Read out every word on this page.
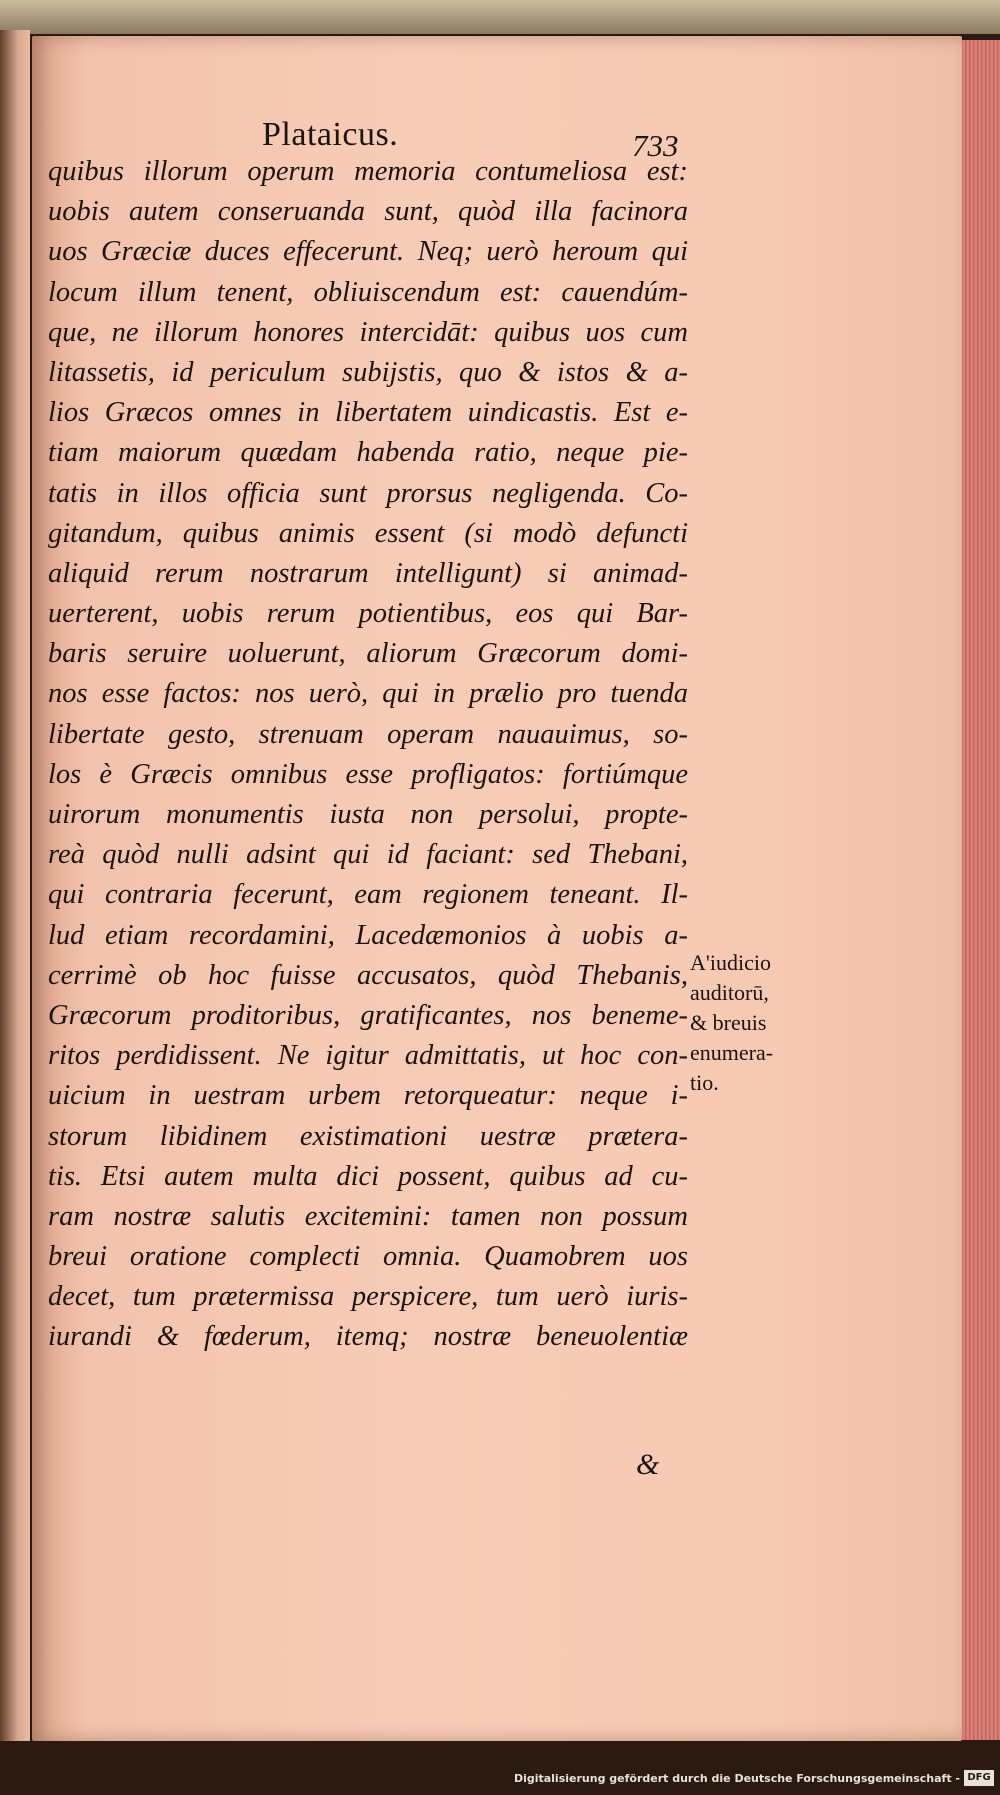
Plataicus.	733
quibus illorum operum memoria contumeliosa est:
uobis autem conseruanda sunt, quòd illa facinora
uos Græciæ duces effecerunt. Neq; uerò heroum qui
locum illum tenent, obliuiscendum est: cauendúm-
que, ne illorum honores intercidāt: quibus uos cum
litassetis, id periculum subijstis, quo & istos & a-
lios Græcos omnes in libertatem uindicastis. Est e-
tiam maiorum quædam habenda ratio, neque pie-
tatis in illos officia sunt prorsus negligenda. Co-
gitandum, quibus animis essent (si modò defuncti
aliquid rerum nostrarum intelligunt) si animad-
uerterent, uobis rerum potientibus, eos qui Bar-
baris seruire uoluerunt, aliorum Græcorum domi-
nos esse factos: nos uerò, qui in prælio pro tuenda
libertate gesto, strenuam operam nauauimus, so-
los è Græcis omnibus esse profligatos: fortiúmque
uirorum monumentis iusta non persolui, propte-
reà quòd nulli adsint qui id faciant: sed Thebani,
qui contraria fecerunt, eam regionem teneant. Il-
lud etiam recordamini, Lacedæmonios à uobis a-
cerrimè ob hoc fuisse accusatos, quòd Thebanis,
Græcorum proditoribus, gratificantes, nos beneme-
ritos perdidissent. Ne igitur admittatis, ut hoc con-
uicium in uestram urbem retorqueatur: neque i-
storum libidinem existimationi uestræ prætera-
tis. Etsi autem multa dici possent, quibus ad cu-
ram nostræ salutis excitemini: tamen non possum
breui oratione complecti omnia. Quamobrem uos
decet, tum prætermissa perspicere, tum uerò iuris-
iurandi & fœderum, itemq; nostræ beneuolentiæ
&
A'iudicio
auditorū,
& breuis
enumera-
tio.
Digitalisierung gefördert durch die Deutsche Forschungsgemeinschaft - DFG
